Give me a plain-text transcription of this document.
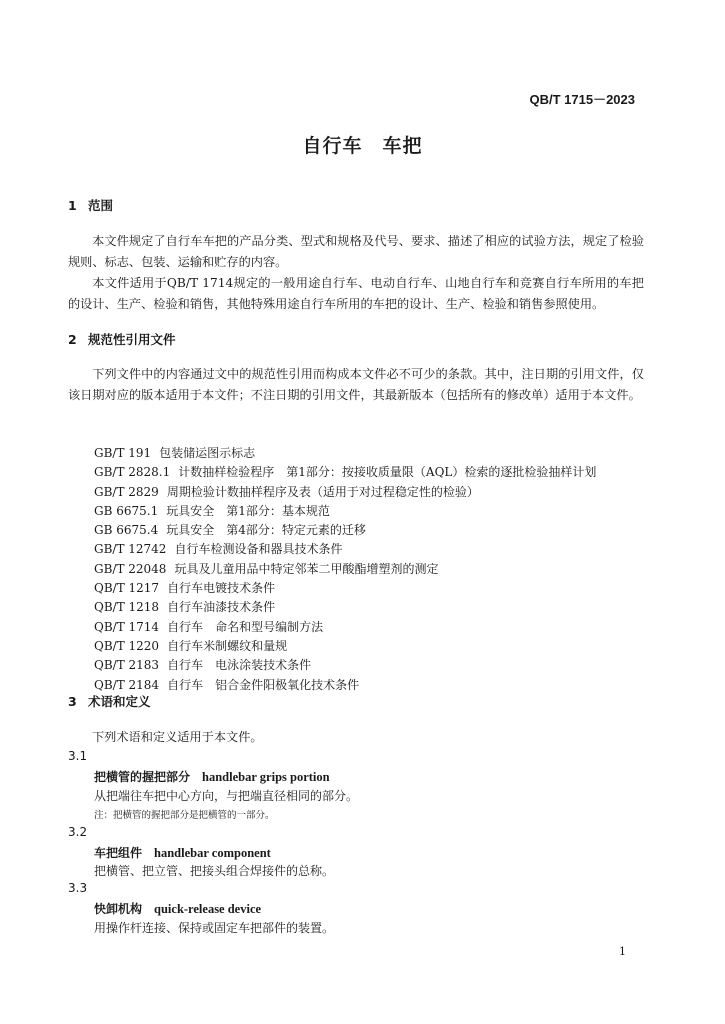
QB/T 1715－2023
自行车　车把
1 范围
本文件规定了自行车车把的产品分类、型式和规格及代号、要求、描述了相应的试验方法，规定了检验规则、标志、包装、运输和贮存的内容。
本文件适用于QB/T 1714规定的一般用途自行车、电动自行车、山地自行车和竞赛自行车所用的车把的设计、生产、检验和销售，其他特殊用途自行车所用的车把的设计、生产、检验和销售参照使用。
2 规范性引用文件
下列文件中的内容通过文中的规范性引用而构成本文件必不可少的条款。其中，注日期的引用文件，仅该日期对应的版本适用于本文件；不注日期的引用文件，其最新版本（包括所有的修改单）适用于本文件。
GB/T 191 包装储运图示标志
GB/T 2828.1 计数抽样检验程序　第1部分：按接收质量限（AQL）检索的逐批检验抽样计划
GB/T 2829 周期检验计数抽样程序及表（适用于对过程稳定性的检验）
GB 6675.1 玩具安全　第1部分：基本规范
GB 6675.4 玩具安全　第4部分：特定元素的迁移
GB/T 12742 自行车检测设备和器具技术条件
GB/T 22048 玩具及儿童用品中特定邻苯二甲酸酯增塑剂的测定
QB/T 1217 自行车电镀技术条件
QB/T 1218 自行车油漆技术条件
QB/T 1714 自行车　命名和型号编制方法
QB/T 1220 自行车米制螺纹和量规
QB/T 2183 自行车　电泳涂装技术条件
QB/T 2184 自行车　铝合金件阳极氧化技术条件
3 术语和定义
下列术语和定义适用于本文件。
3.1
把横管的握把部分 handlebar grips portion
从把端往车把中心方向，与把端直径相同的部分。
注：把横管的握把部分是把横管的一部分。
3.2
车把组件 handlebar component
把横管、把立管、把接头组合焊接件的总称。
3.3
快卸机构 quick-release device
用操作杆连接、保持或固定车把部件的装置。
1
